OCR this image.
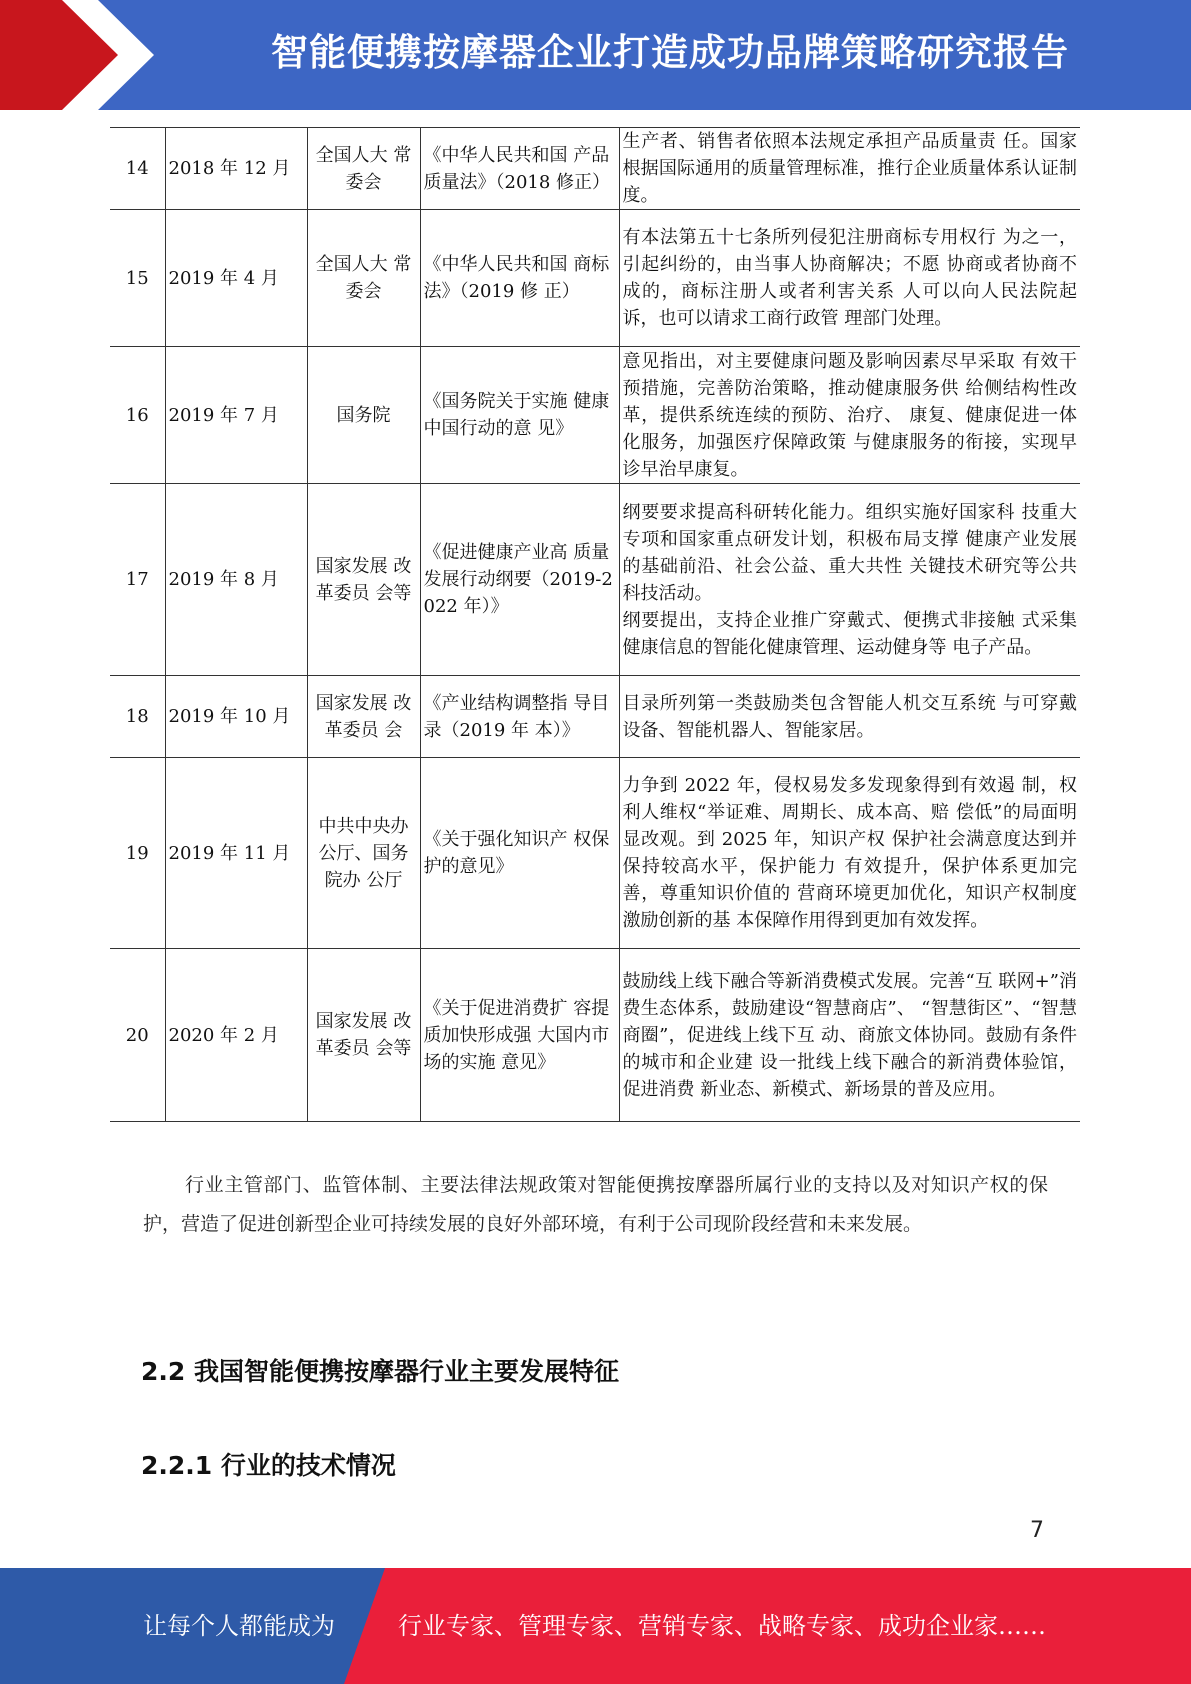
智能便携按摩器企业打造成功品牌策略研究报告
14	2018 年 12 月	全国人大 常委会	《中华人民共和国 产品质量法》（2018 修正）	生产者、销售者依照本法规定承担产品质量责 任。国家根据国际通用的质量管理标准，推行企业质量体系认证制度。
15	2019 年 4 月	全国人大 常委会	《中华人民共和国 商标法》（2019 修 正）	有本法第五十七条所列侵犯注册商标专用权行 为之一，引起纠纷的，由当事人协商解决；不愿 协商或者协商不成的，商标注册人或者利害关系 人可以向人民法院起诉，也可以请求工商行政管 理部门处理。
16	2019 年 7 月	国务院	《国务院关于实施 健康中国行动的意 见》	意见指出，对主要健康问题及影响因素尽早采取 有效干预措施，完善防治策略，推动健康服务供 给侧结构性改革，提供系统连续的预防、治疗、 康复、健康促进一体化服务，加强医疗保障政策 与健康服务的衔接，实现早诊早治早康复。
17	2019 年 8 月	国家发展 改革委员 会等	《促进健康产业高 质量发展行动纲要（2019-2022 年）》	纲要要求提高科研转化能力。组织实施好国家科 技重大专项和国家重点研发计划，积极布局支撑 健康产业发展的基础前沿、社会公益、重大共性 关键技术研究等公共科技活动。
纲要提出，支持企业推广穿戴式、便携式非接触 式采集健康信息的智能化健康管理、运动健身等 电子产品。

18	2019 年 10 月	国家发展 改革委员 会	《产业结构调整指 导目录（2019 年 本）》	目录所列第一类鼓励类包含智能人机交互系统 与可穿戴设备、智能机器人、智能家居。
19	2019 年 11 月	中共中央办公厅、国务院办 公厅	《关于强化知识产 权保护的意见》	力争到 2022 年，侵权易发多发现象得到有效遏 制，权利人维权“举证难、周期长、成本高、赔 偿低”的局面明显改观。到 2025 年，知识产权 保护社会满意度达到并保持较高水平，保护能力 有效提升，保护体系更加完善，尊重知识价值的 营商环境更加优化，知识产权制度激励创新的基 本保障作用得到更加有效发挥。
20	2020 年 2 月	国家发展 改革委员 会等	《关于促进消费扩 容提质加快形成强 大国内市场的实施 意见》	鼓励线上线下融合等新消费模式发展。完善“互 联网+”消费生态体系，鼓励建设“智慧商店”、 “智慧街区”、“智慧商圈”，促进线上线下互 动、商旅文体协同。鼓励有条件的城市和企业建 设一批线上线下融合的新消费体验馆，促进消费 新业态、新模式、新场景的普及应用。
行业主管部门、监管体制、主要法律法规政策对智能便携按摩器所属行业的支持以及对知识产权的保护，营造了促进创新型企业可持续发展的良好外部环境，有利于公司现阶段经营和未来发展。
2.2 我国智能便携按摩器行业主要发展特征
2.2.1 行业的技术情况
7
让每个人都能成为	行业专家、管理专家、营销专家、战略专家、成功企业家……
